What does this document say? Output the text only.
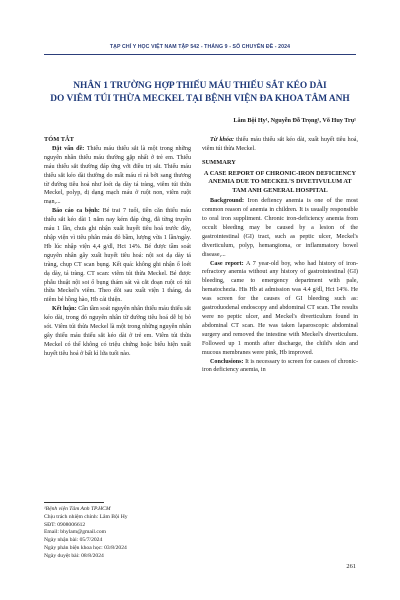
TẠP CHÍ Y HỌC VIỆT NAM TẬP 542 - THÁNG 9 - SỐ CHUYÊN ĐỀ - 2024
NHÂN 1 TRƯỜNG HỢP THIẾU MÁU THIẾU SẮT KÉO DÀI
DO VIÊM TÚI THỪA MECKEL TẠI BỆNH VIỆN ĐA KHOA TÂM ANH
Lâm Bội Hy¹, Nguyễn Đỗ Trọng¹, Võ Huy Trụ¹

TÓM TẮT

Đặt vấn đề: Thiếu máu thiếu sắt là một trong những nguyên nhân thiếu máu thường gặp nhất ở trẻ em. Thiếu máu thiếu sắt thường đáp ứng với điều trị sắt. Thiếu máu thiếu sắt kéo dài thường do mất máu rỉ rả bởi sang thương từ đường tiêu hoá như loét dạ dày tá tràng, viêm túi thừa Meckel, polyp, dị dạng mạch máu ở ruột non, viêm ruột mạn,...

Báo cáo ca bệnh: Bé trai 7 tuổi, tiền căn thiếu máu thiếu sắt kéo dài 1 năm nay kém đáp ứng, đã từng truyền máu 1 lần, chưa ghi nhận xuất huyết tiêu hoá trước đây, nhập viện vì tiêu phân máu đỏ bầm, lượng vừa 1 lần/ngày. Hb lúc nhập viện 4,4 g/dl, Hct 14%. Bé được tầm soát nguyên nhân gây xuất huyết tiêu hoá: nội soi dạ dày tá tràng, chụp CT scan bụng. Kết quả: không ghi nhận ổ loét dạ dày, tá tràng. CT scan: viêm túi thừa Meckel. Bé được phẫu thuật nội soi ổ bụng thám sát và cắt đoạn ruột có túi thừa Meckel's viêm. Theo dõi sau xuất viện 1 tháng, da niêm bé hồng hào, Hb cải thiện.

Kết luận: Cần tầm soát nguyên nhân thiếu máu thiếu sắt kéo dài, trong đó nguyên nhân từ đường tiêu hoá dễ bị bỏ sót. Viêm túi thừa Meckel là một trong những nguyên nhân gây thiếu máu thiếu sắt kéo dài ở trẻ em. Viêm túi thừa Meckel có thể không có triệu chứng hoặc biểu hiện xuất huyết tiêu hoá ở bất kì lứa tuổi nào.

¹Bệnh viện Tâm Anh TP.HCM
Chịu trách nhiệm chính: Lâm Bội Hy
SĐT: 0908006612
Email: bhylam@gmail.com
Ngày nhận bài: 05/7/2024
Ngày phản biện khoa học: 03/8/2024
Ngày duyệt bài: 08/8/2024

Từ khóa: thiếu máu thiếu sắt kéo dài, xuất huyết tiêu hoá, viêm túi thừa Meckel.

SUMMARY

A CASE REPORT OF CHRONIC-IRON DEFICIENCY ANEMIA DUE TO MECKEL'S DIVETIVULUM AT TAM ANH GENERAL HOSPITAL

Background: Iron defiency anemia is one of the most common reason of anemia in children. It is usually responsible to oral iron suppliment. Chronic iron-deficiency anemia from occult bleeding may be caused by a lesion of the gastrointestinal (GI) tract, such as peptic ulcer, Meckel's diverticulum, polyp, hemangioma, or inflammatory bowel disease,...

Case report: A 7 year-old boy, who had history of iron-refractory anemia without any history of gastrointestinal (GI) bleeding, came to emergency department with pale, hematochezia. His Hb at admission was 4.4 g/dl, Hct 14%. He was screen for the causes of GI bleeding such as: gastroduodenal endoscopy and abdominal CT scan. The results were no peptic ulcer, and Meckel's diverticulum found in abdominal CT scan. He was taken laparoscopic abdominal surgery and removed the intestine with Meckel's diverticulum. Followed up 1 month after discharge, the child's skin and mucous membranes were pink, Hb improved.

Conclusions: It is necessary to screen for causes of chronic-iron deficiency anemia, in

261
